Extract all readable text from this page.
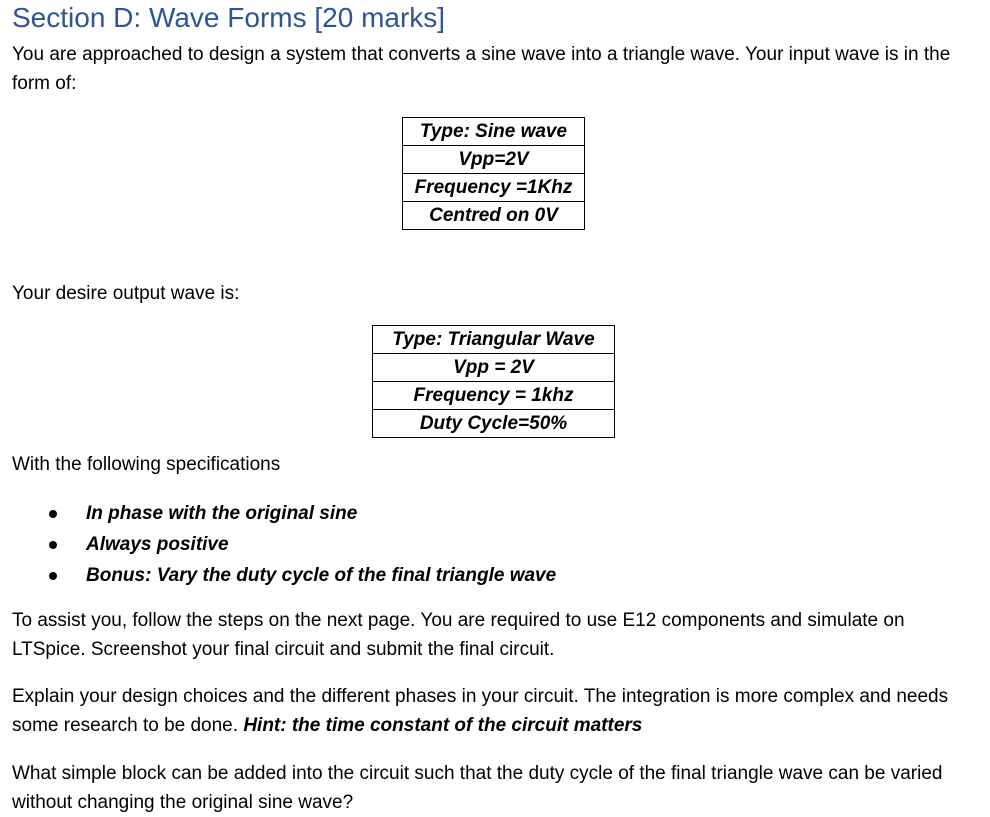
Section D: Wave Forms [20 marks]
You are approached to design a system that converts a sine wave into a triangle wave. Your input wave is in the form of:
Type: Sine wave
Vpp=2V
Frequency =1Khz
Centred on 0V
Your desire output wave is:
Type: Triangular Wave
Vpp = 2V
Frequency = 1khz
Duty Cycle=50%
With the following specifications
In phase with the original sine
Always positive
Bonus: Vary the duty cycle of the final triangle wave
To assist you, follow the steps on the next page. You are required to use E12 components and simulate on LTSpice. Screenshot your final circuit and submit the final circuit.
Explain your design choices and the different phases in your circuit. The integration is more complex and needs some research to be done. Hint: the time constant of the circuit matters
What simple block can be added into the circuit such that the duty cycle of the final triangle wave can be varied without changing the original sine wave?
